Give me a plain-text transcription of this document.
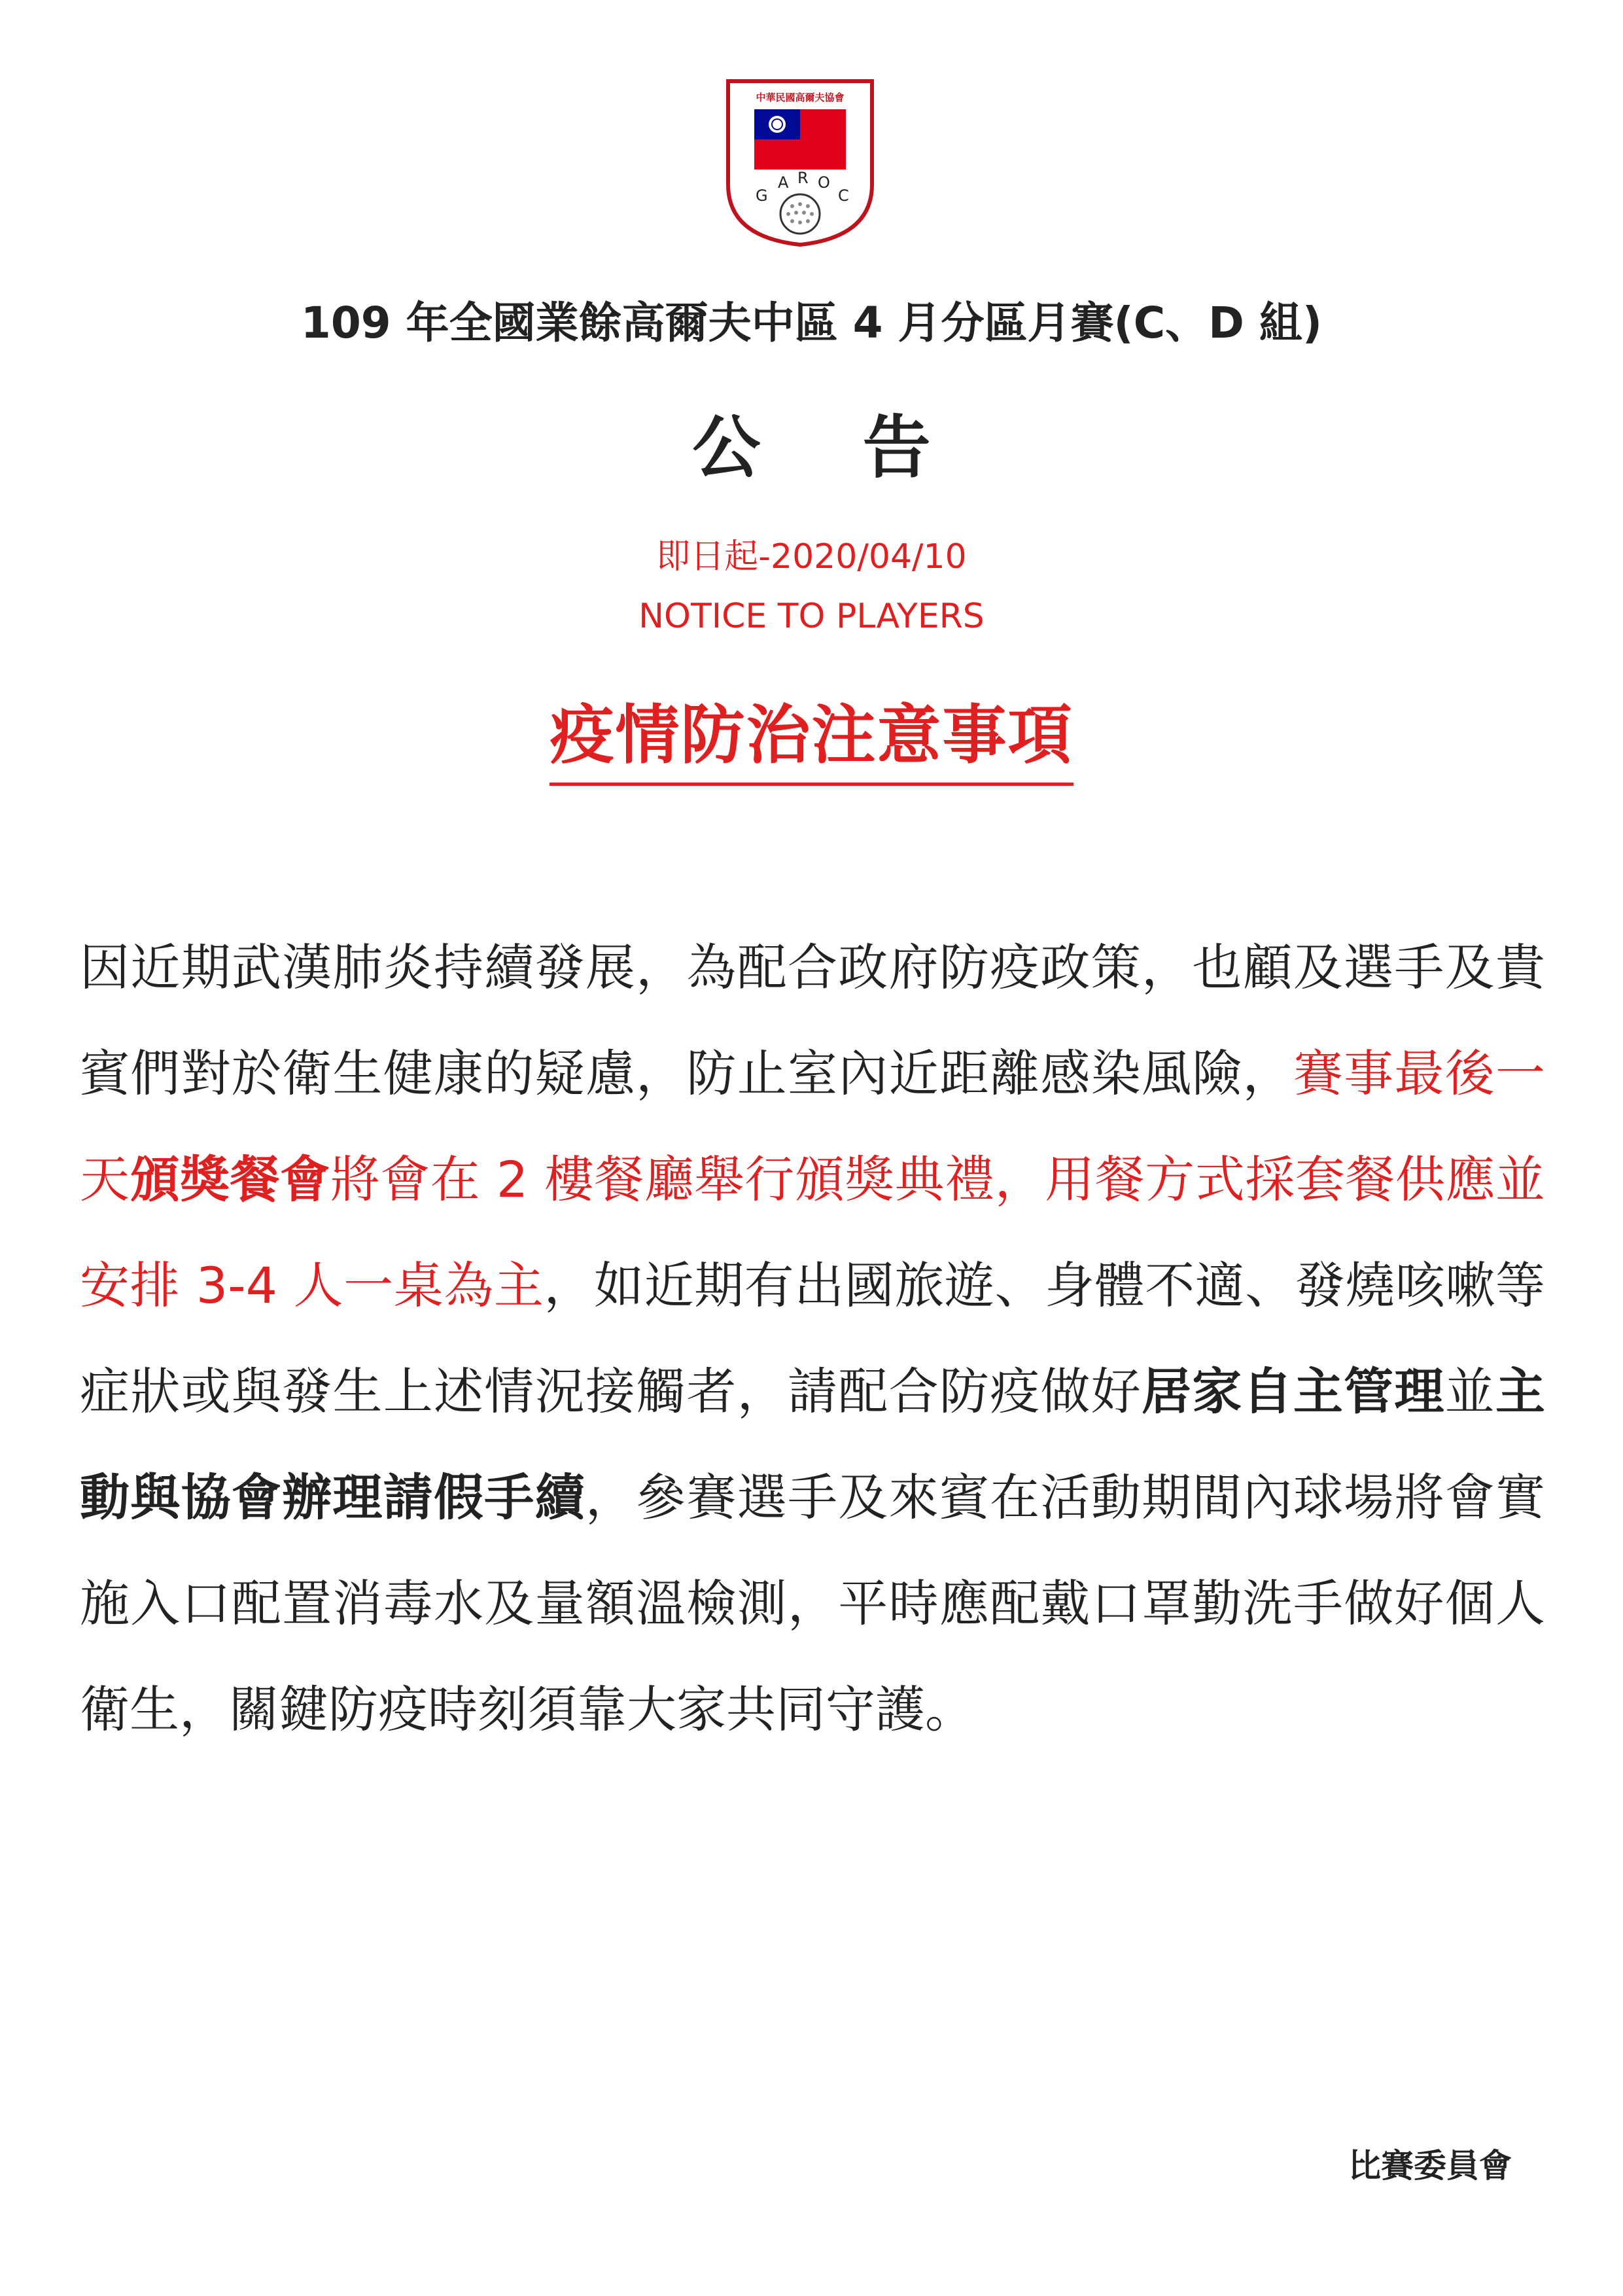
中華民國高爾夫協會
G
A R O
C
109 年全國業餘高爾夫中區 4 月分區月賽(C、D 組)
公 告
即日起-2020/04/10
NOTICE TO PLAYERS
疫情防治注意事項
因近期武漢肺炎持續發展，為配合政府防疫政策，也顧及選手及貴賓們對於衛生健康的疑慮，防止室內近距離感染風險，賽事最後一天頒獎餐會將會在 2 樓餐廳舉行頒獎典禮，用餐方式採套餐供應並安排 3-4 人一桌為主，如近期有出國旅遊、身體不適、發燒咳嗽等症狀或與發生上述情況接觸者，請配合防疫做好居家自主管理並主動與協會辦理請假手續，參賽選手及來賓在活動期間內球場將會實施入口配置消毒水及量額溫檢測，平時應配戴口罩勤洗手做好個人衛生，關鍵防疫時刻須靠大家共同守護。
比賽委員會
